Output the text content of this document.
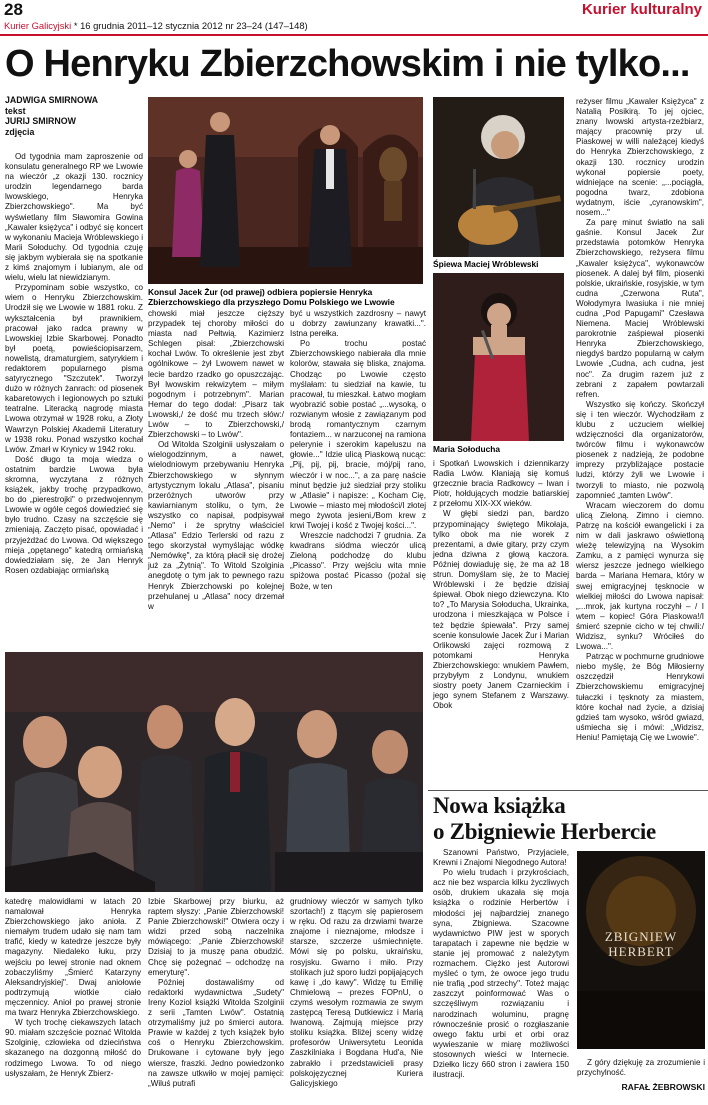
28
Kurier Galicyjski * 16 grudnia 2011–12 stycznia 2012 nr 23–24 (147–148)
Kurier kulturalny
O Henryku Zbierzchowskim i nie tylko...
JADWIGA SMIRNOWA
tekst
JURIJ SMIRNOW
zdjęcia

Od tygodnia mam zaproszenie od konsulatu generalnego RP we Lwowie na wieczór „z okazji 130. rocznicy urodzin legendarnego barda lwowskiego, Henryka Zbierzchowskiego". Ma być wyświetlany film Sławomira Gowina „Kawaler księżyca" i odbyć się koncert w wykonaniu Macieja Wróblewskiego i Marii Sołoduchy. Od tygodnia czuję się jakbym wybierała się na spotkanie z kimś znajomym i lubianym, ale od wielu, wielu lat niewidzianym.

Przypominam sobie wszystko, co wiem o Henryku Zbierzchowskim. Urodził się we Lwowie w 1881 roku. Z wykształcenia był prawnikiem, pracował jako radca prawny w Lwowskiej Izbie Skarbowej. Ponadto był poetą, powieściopisarzem, nowelistą, dramaturgiem, satyrykiem i redaktorem popularnego pisma satyrycznego "Szczutek". Tworzył dużo w różnych żanrach: od piosenek kabaretowych i legionowych po sztuki teatralne. Literacką nagrodę miasta Lwowa otrzymał w 1928 roku, a Złoty Wawrzyn Polskiej Akademii Literatury w 1938 roku. Ponad wszystko kochał Lwów. Zmarł w Krynicy w 1942 roku.

Dość długo ta moja wiedza o ostatnim bardzie Lwowa była skromna, wyczytana z różnych książek, jakby trochę przypadkowo, bo do „pierestrojki" o przedwojennym Lwowie w ogóle cegoś dowiedzieć się było trudno. Czasy na szczęście się zmieniają. Zaczęto pisać, opowiadać i przyjeżdżać do Lwowa. Od większego mieja „opętanego" katedrą ormiańską dowiedziałam się, że Jan Henryk Rosen ozdabiając ormiańską

Konsul Jacek Żur (od prawej) odbiera popiersie Henryka Zbierzchowskiego dla przyszłego Domu Polskiego we Lwowie
Śpiewa Maciej Wróblewski
Maria Sołoducha

chowski miał jeszcze cięższy przypadek tej choroby miłości do miasta nad Pełtwią. Kazimierz Schlegen pisał: „Zbierzchowski kochał Lwów. To określenie jest zbyt ogólnikowe – żył Lwowem nawet w lecie bardzo rzadko go opuszczając. Był lwowskim rekwizytem – miłym pogodnym i potrzebnym". Marian Hemar do tego dodał: „Pisarz tak Lwowski,/ że dość mu trzech słów:/ Lwów – to Zbierzchowski,/ Zbierzchowski – to Lwów".

Od Witolda Szolginii usłyszałam o wielogodzinnym, a nawet, wielodniowym przebywaniu Henryka Zbierzchowskiego w słynnym artystycznym lokalu „Atlasa", pisaniu przeróżnych utworów przy kawiarnianym stoliku, o tym, że wszystko co napisał, podpisywał „Nemo" i że sprytny właściciel „Atlasa" Edzio Terlerski od razu z tego skorzystał wymyślając wódkę „Nemówkę", za którą płacił się drożej już za „Żytnią". To Witold Szolginia anegdotę o tym jak to pewnego razu Henryk Zbierzchowski po kolejnej przehulanej u „Atlasa" nocy drzemał w

być u wszystkich zazdrosny – nawyt u dobrzy zawiunzany krawatki...". Istna perełka.

Po trochu postać Zbierzchowskiego nabierała dla mnie kolorów, stawała się bliska, znajoma. Chodząc po Lwowie często myślałam: tu siedział na kawie, tu pracował, tu mieszkał. Łatwo mogłam wyobrazić sobie postać „...wysoką, o rozwianym włosie z zawiązanym pod brodą romantycznym czarnym fontaziem... w narzuconej na ramiona pelerynie i szerokim kapeluszu na głowie..." Idzie ulicą Piaskową nucąc: „Pij, pij, pij, bracie, mój/pij rano, wieczór i w noc...", a za parę naście minut będzie już siedział przy stoliku w „Atlasie" i napisze: „ Kocham Cię, Lwowie – miasto mej młodości/I złotej mego żywota jesieni,/Bom krew z krwi Twojej i kość z Twojej kości...".

Wreszcie nadchodzi 7 grudnia. Za kwadrans siódma wieczór ulicą Zieloną podchodzę do klubu „Picasso". Przy wejściu wita mnie spiżowa postać Picasso (pożal się Boże, w ten

i Spotkań Lwowskich i dziennikarzy Radia Lwów. Kłaniają się komuś grzecznie bracia Radkowcy – Iwan i Piotr, hołdujących modzie batiarskiej z przełomu XIX-XX wieków.

W głębi siedzi pan, bardzo przypominający świętego Mikołaja, tylko obok ma nie worek z prezentami, a dwie gitary, przy czym jedna dziwna z głową kaczora. Później dowiaduję się, że ma aż 18 strun. Domyślam się, że to Maciej Wróblewski i że będzie dzisiaj śpiewał. Obok niego dziewczyna. Kto to? „To Marysia Sołoducha, Ukrainka, urodzona i mieszkająca w Polsce i też będzie śpiewała". Przy samej scenie konsulowie Jacek Żur i Marian Orlikowski zajęci rozmową z potomkami Henryka Zbierzchowskiego: wnukiem Pawłem, przybyłym z Londynu, wnukiem siostry poety Janem Czarnieckim i jego synem Stefanem z Warszawy. Obok

reżyser filmu „Kawaler Księżyca" z Natalią Posikirą. To jej ojciec, znany lwowski artysta-rzeźbiarz, mający pracownię przy ul. Piaskowej w willi należącej kiedyś do Henryka Zbierzchowskiego, z okazji 130. rocznicy urodzin wykonał popiersie poety, widniejące na scenie: „...pociągła, pogodna twarz, zdobiona wydatnym, iście „cyranowskim", nosem..."

Za parę minut światło na sali gaśnie. Konsul Jacek Żur przedstawia potomków Henryka Zbierzchowskiego, reżysera filmu „Kawaler księżyca", wykonawców piosenek. A dalej był film, piosenki polskie, ukraińskie, rosyjskie, w tym cudna „Czerwona Ruta", Wołodymyra Iwasiuka i nie mniej cudna „Pod Papugami" Czesława Niemena. Maciej Wróblewski parokrotnie zaśpiewał piosenki Henryka Zbierzchowskiego, niegdyś bardzo popularną w całym Lwowie „Cudna, ach cudna, jest noc". Za drugim razem już z zebrani z zapałem powtarzali refren.

Wszystko się kończy. Skończył się i ten wieczór. Wychodziłam z klubu z uczuciem wielkiej wdzięczności dla organizatorów, twórców filmu i wykonawców piosenek z nadzieją, że podobne imprezy przybliżające postacie ludzi, którzy żyli we Lwowie i tworzyli to miasto, nie pozwolą zapomnieć „tamten Lwów".

Wracam wieczorem do domu ulicą Zieloną. Zimno i ciemno. Patrzę na kościół ewangelicki i za nim w dali jaskrawo oświetloną wieżę telewizyjną na Wysokim Zamku, a z pamięci wynurza się wiersz jeszcze jednego wielkiego barda – Mariana Hemara, który w swej emigracyjnej tęsknocie w wielkiej miłości do Lwowa napisał: „...mrok, jak kurtyna roczyhł – / I wtem – kopiec! Góra Piaskowa!/I śmierć szepnie cicho w tej chwili:/ Widzisz, synku? Wróciłeś do Lwowa...".

Patrząc w pochmurne grudniowe niebo myślę, że Bóg Miłosierny oszczędził Henrykowi Zbierzchowskiemu emigracyjnej tułaczki i tęsknoty za miastem, które kochał nad życie, a dzisiaj gdzieś tam wysoko, wśród gwiazd, uśmiecha się i mówi: „Widzisz, Heniu! Pamiętają Cię we Lwowie".

katedrę malowidłami w latach 20 namalował Henryka Zbierzchowskiego jako anioła. Z niemałym trudem udało się nam tam trafić, kiedy w katedrze jeszcze były magazyny. Niedaleko łuku, przy wejściu po lewej stronie nad oknem zobaczyliśmy „Śmierć Katarzyny Aleksandryjskiej". Dwaj aniołowie podtrzymują wiotkie ciało męczennicy. Anioł po prawej stronie ma twarz Henryka Zbierzchowskiego.

W tych trochę ciekawszych latach 90. miałam szczęście poznać Witolda Szolginię, człowieka od dzieciństwa skazanego na dozgonną miłość do rodzimego Lwowa. To od niego usłyszałam, że Henryk Zbierz-

Izbie Skarbowej przy biurku, aż raptem słyszy: „Panie Zbierzchowski! Panie Zbierzchowski!" Otwiera oczy i widzi przed sobą naczelnika mówiącego: „Panie Zbierzchowski! Dzisiaj to ja muszę pana obudzić. Chcę się pożegnać – odchodzę na emeryturę".

Później dostawaliśmy od redaktorki wydawnictwa „Sudety" Ireny Koziol książki Witolda Szolginii z serii „Tamten Lwów". Ostatnią otrzymaliśmy już po śmierci autora. Prawie w każdej z tych książek było coś o Henryku Zbierzchowskim. Drukowane i cytowane były jego wiersze, fraszki. Jedno powiedzonko na zawsze utkwiło w mojej pamięci: „Wiluś putrafi

grudniowy wieczór w samych tylko szortach!) z ttącym się papierosem w ręku. Od razu za drzwiami twarze znajome i nieznajome, młodsze i starsze, szczerze uśmiechnięte. Mówi się po polsku, ukraińsku, rosyjsku. Gwarno i miło. Przy stolikach już sporo ludzi popijających kawę i „do kawy". Widzę tu Emilię Chmielową – prezes FOPnU, o czymś wesołym rozmawia ze swym zastępcą Teresą Dutkiewicz i Marią Iwanową. Zajmują miejsce przy stoliku książka. Bliżej sceny widzę profesorów Uniwersytetu Leonida Zaszkilniaka i Bogdana Hud'a, Nie zabrakło i przedstawicieli prasy polskojęzycznej Kuriera Galicyjskiego

Nowa książka
o Zbigniewie Herbercie

Szanowni Państwo, Przyjaciele, Krewni i Znajomi Niegodnego Autora!

Po wielu trudach i przykrościach, acz nie bez wsparcia kilku życzliwych osób, drukiem ukazała się moja książka o rodzinie Herbertów i młodości jej najbardziej znanego syna, Zbigniewa. Szacowne wydawnictwo PIW jest w sporych tarapatach i zapewne nie będzie w stanie jej promować z należytym rozmachem. Ciężko jest Autorowi myśleć o tym, że owoce jego trudu nie trafią „pod strzechy". Toteż mając zaszczyt poinformować Was o szczęśliwym rozwiązaniu i narodzinach woluminu, pragnę równocześnie prosić o rozgłaszanie owego faktu urbi et orbi oraz wywieszanie w miarę możliwości stosownych wieści w Internecie. Dziełko liczy 660 stron i zawiera 150 ilustracji.

ZBIGNIEW
HERBERT

Z góry dziękuję za zrozumienie i przychylność.

RAFAŁ ŻEBROWSKI
